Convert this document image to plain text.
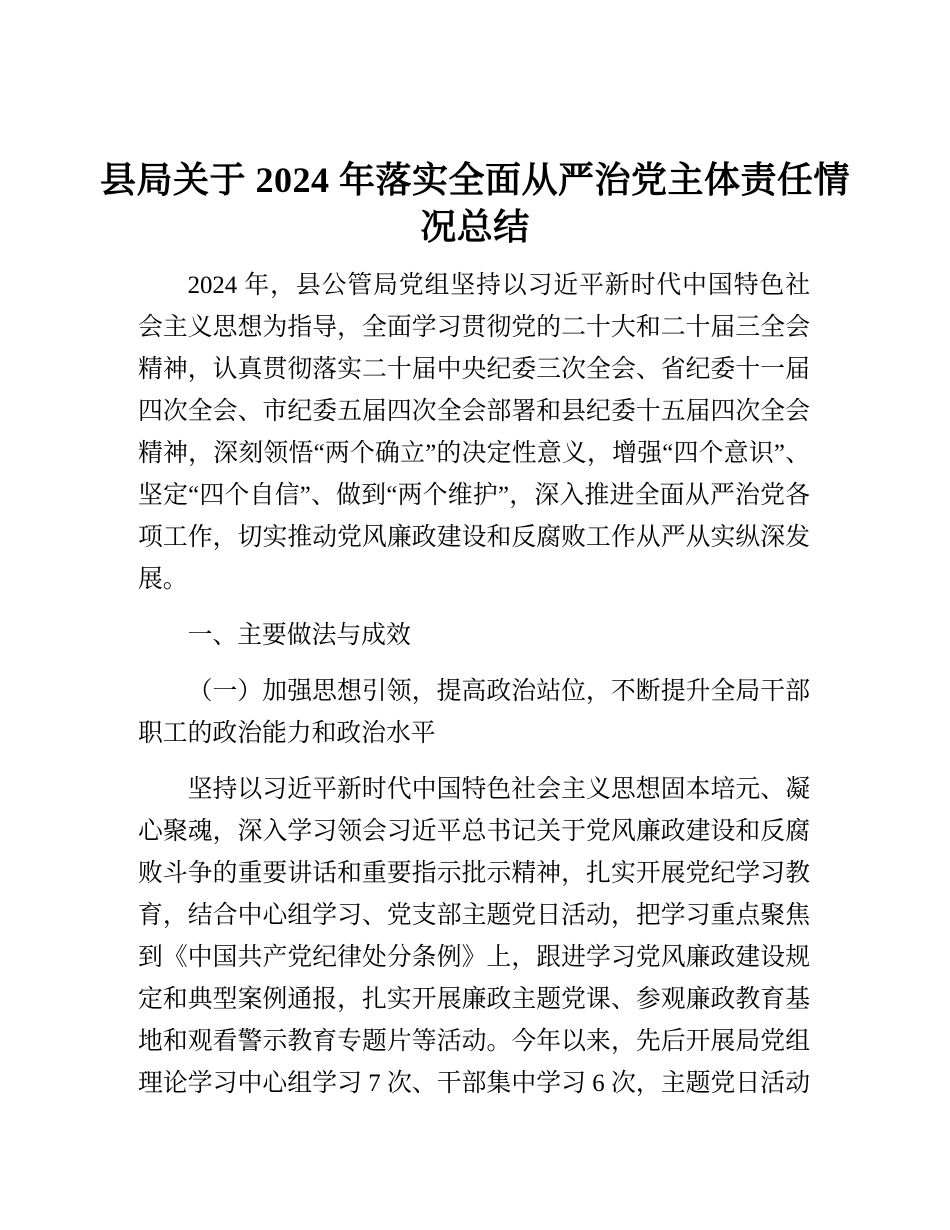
县局关于 2024 年落实全面从严治党主体责任情况总结

2024 年，县公管局党组坚持以习近平新时代中国特色社会主义思想为指导，全面学习贯彻党的二十大和二十届三全会精神，认真贯彻落实二十届中央纪委三次全会、省纪委十一届四次全会、市纪委五届四次全会部署和县纪委十五届四次全会精神，深刻领悟“两个确立”的决定性意义，增强“四个意识”、坚定“四个自信”、做到“两个维护”，深入推进全面从严治党各项工作，切实推动党风廉政建设和反腐败工作从严从实纵深发展。

一、主要做法与成效

（一）加强思想引领，提高政治站位，不断提升全局干部职工的政治能力和政治水平

坚持以习近平新时代中国特色社会主义思想固本培元、凝心聚魂，深入学习领会习近平总书记关于党风廉政建设和反腐败斗争的重要讲话和重要指示批示精神，扎实开展党纪学习教育，结合中心组学习、党支部主题党日活动，把学习重点聚焦到《中国共产党纪律处分条例》上，跟进学习党风廉政建设规定和典型案例通报，扎实开展廉政主题党课、参观廉政教育基地和观看警示教育专题片等活动。今年以来，先后开展局党组理论学习中心组学习 7 次、干部集中学习 6 次，主题党日活动
